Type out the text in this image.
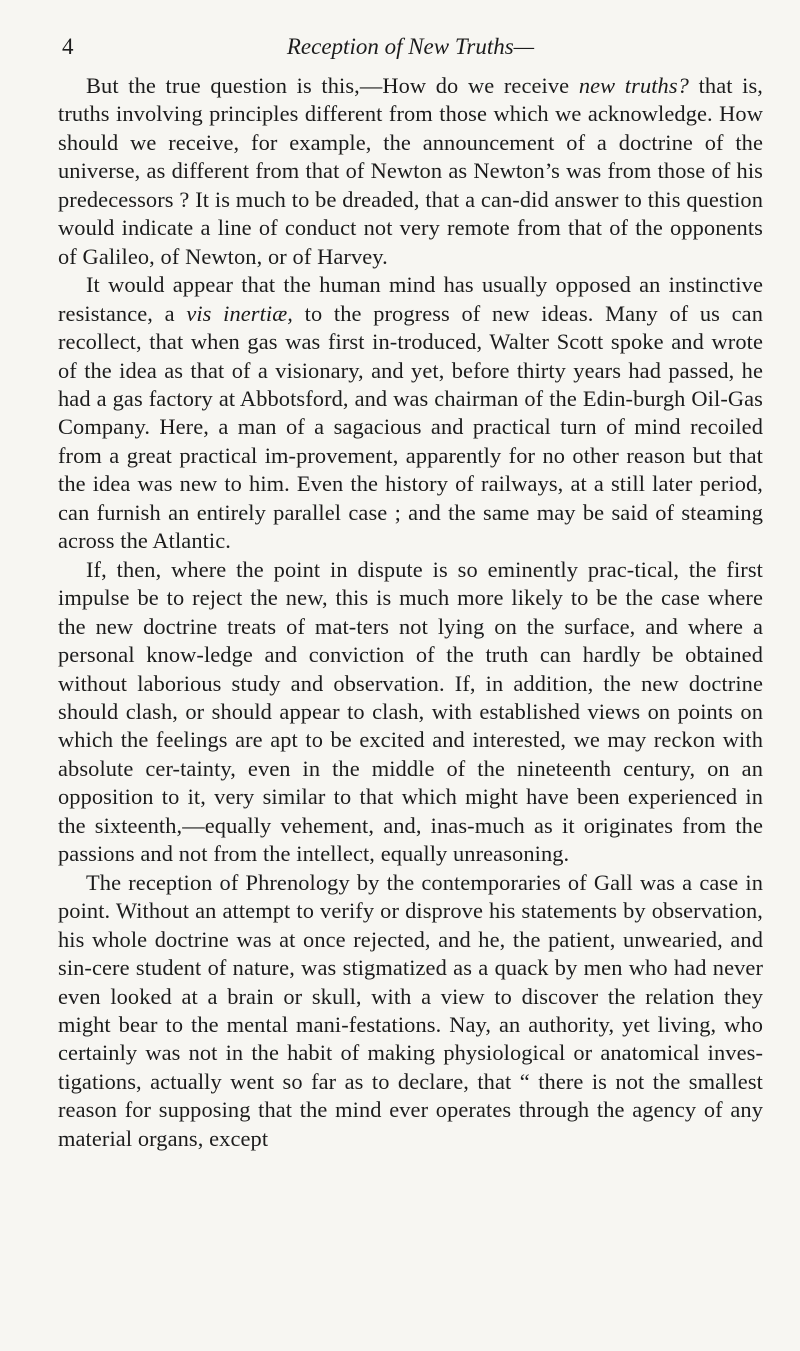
4	Reception of New Truths—

But the true question is this,—How do we receive new truths? that is, truths involving principles different from those which we acknowledge. How should we receive, for example, the announcement of a doctrine of the universe, as different from that of Newton as Newton’s was from those of his predecessors ? It is much to be dreaded, that a can-did answer to this question would indicate a line of conduct not very remote from that of the opponents of Galileo, of Newton, or of Harvey.

It would appear that the human mind has usually opposed an instinctive resistance, a vis inertiæ, to the progress of new ideas. Many of us can recollect, that when gas was first in-troduced, Walter Scott spoke and wrote of the idea as that of a visionary, and yet, before thirty years had passed, he had a gas factory at Abbotsford, and was chairman of the Edin-burgh Oil-Gas Company. Here, a man of a sagacious and practical turn of mind recoiled from a great practical im-provement, apparently for no other reason but that the idea was new to him. Even the history of railways, at a still later period, can furnish an entirely parallel case ; and the same may be said of steaming across the Atlantic.

If, then, where the point in dispute is so eminently prac-tical, the first impulse be to reject the new, this is much more likely to be the case where the new doctrine treats of mat-ters not lying on the surface, and where a personal know-ledge and conviction of the truth can hardly be obtained without laborious study and observation. If, in addition, the new doctrine should clash, or should appear to clash, with established views on points on which the feelings are apt to be excited and interested, we may reckon with absolute cer-tainty, even in the middle of the nineteenth century, on an opposition to it, very similar to that which might have been experienced in the sixteenth,—equally vehement, and, inas-much as it originates from the passions and not from the intellect, equally unreasoning.

The reception of Phrenology by the contemporaries of Gall was a case in point. Without an attempt to verify or disprove his statements by observation, his whole doctrine was at once rejected, and he, the patient, unwearied, and sin-cere student of nature, was stigmatized as a quack by men who had never even looked at a brain or skull, with a view to discover the relation they might bear to the mental mani-festations. Nay, an authority, yet living, who certainly was not in the habit of making physiological or anatomical inves-tigations, actually went so far as to declare, that “ there is not the smallest reason for supposing that the mind ever operates through the agency of any material organs, except
